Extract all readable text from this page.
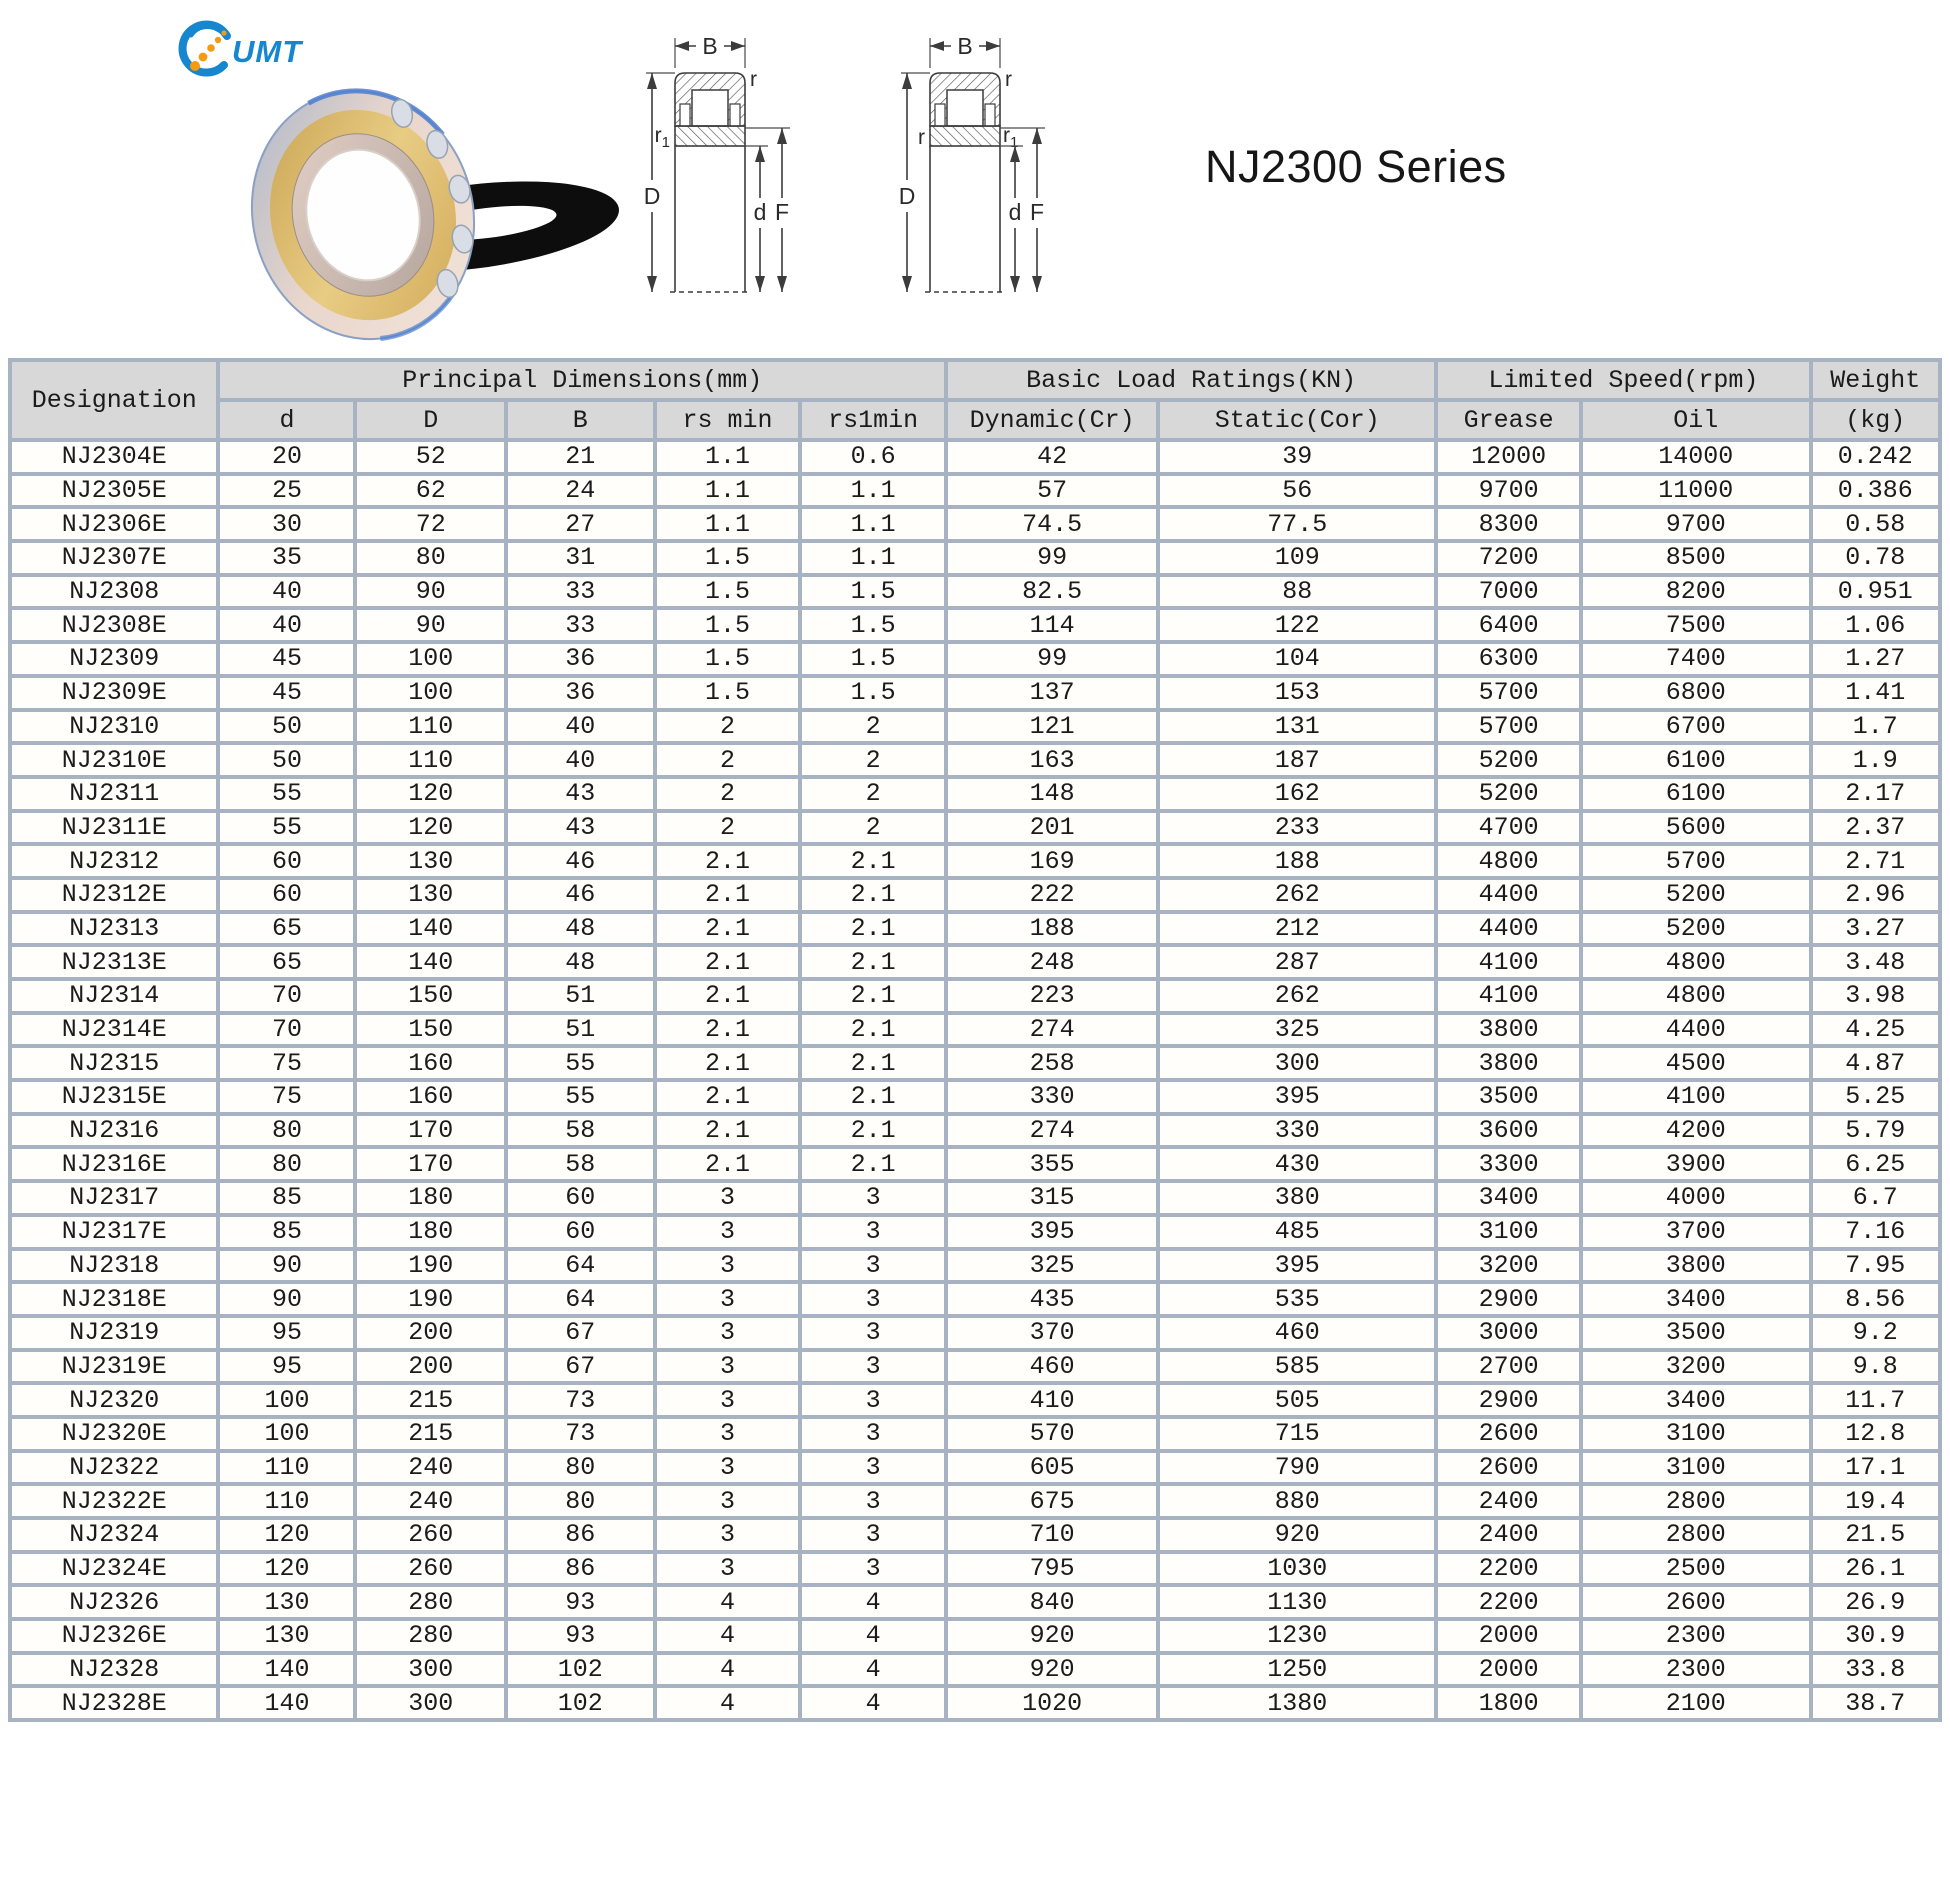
UMT	B
r
$r_1$
D
F
d
B
r
r	$r_1$
D
F
d
NJ2300 Series
Designation	Principal Dimensions(mm)					Basic Load Ratings(KN)		Limited Speed(rpm)		Weight
	d	D	B	rs min	rs1min	Dynamic(Cr)	Static(Cor)	Grease	Oil	(kg)
NJ2304E	20	52	21	1.1	0.6	42	39	12000	14000	0.242
NJ2305E	25	62	24	1.1	1.1	57	56	9700	11000	0.386
NJ2306E	30	72	27	1.1	1.1	74.5	77.5	8300	9700	0.58
NJ2307E	35	80	31	1.5	1.1	99	109	7200	8500	0.78
NJ2308	40	90	33	1.5	1.5	82.5	88	7000	8200	0.951
NJ2308E	40	90	33	1.5	1.5	114	122	6400	7500	1.06
NJ2309	45	100	36	1.5	1.5	99	104	6300	7400	1.27
NJ2309E	45	100	36	1.5	1.5	137	153	5700	6800	1.41
NJ2310	50	110	40	2	2	121	131	5700	6700	1.7
NJ2310E	50	110	40	2	2	163	187	5200	6100	1.9
NJ2311	55	120	43	2	2	148	162	5200	6100	2.17
NJ2311E	55	120	43	2	2	201	233	4700	5600	2.37
NJ2312	60	130	46	2.1	2.1	169	188	4800	5700	2.71
NJ2312E	60	130	46	2.1	2.1	222	262	4400	5200	2.96
NJ2313	65	140	48	2.1	2.1	188	212	4400	5200	3.27
NJ2313E	65	140	48	2.1	2.1	248	287	4100	4800	3.48
NJ2314	70	150	51	2.1	2.1	223	262	4100	4800	3.98
NJ2314E	70	150	51	2.1	2.1	274	325	3800	4400	4.25
NJ2315	75	160	55	2.1	2.1	258	300	3800	4500	4.87
NJ2315E	75	160	55	2.1	2.1	330	395	3500	4100	5.25
NJ2316	80	170	58	2.1	2.1	274	330	3600	4200	5.79
NJ2316E	80	170	58	2.1	2.1	355	430	3300	3900	6.25
NJ2317	85	180	60	3	3	315	380	3400	4000	6.7
NJ2317E	85	180	60	3	3	395	485	3100	3700	7.16
NJ2318	90	190	64	3	3	325	395	3200	3800	7.95
NJ2318E	90	190	64	3	3	435	535	2900	3400	8.56
NJ2319	95	200	67	3	3	370	460	3000	3500	9.2
NJ2319E	95	200	67	3	3	460	585	2700	3200	9.8
NJ2320	100	215	73	3	3	410	505	2900	3400	11.7
NJ2320E	100	215	73	3	3	570	715	2600	3100	12.8
NJ2322	110	240	80	3	3	605	790	2600	3100	17.1
NJ2322E	110	240	80	3	3	675	880	2400	2800	19.4
NJ2324	120	260	86	3	3	710	920	2400	2800	21.5
NJ2324E	120	260	86	3	3	795	1030	2200	2500	26.1
NJ2326	130	280	93	4	4	840	1130	2200	2600	26.9
NJ2326E	130	280	93	4	4	920	1230	2000	2300	30.9
NJ2328	140	300	102	4	4	920	1250	2000	2300	33.8
NJ2328E	140	300	102	4	4	1020	1380	1800	2100	38.7
